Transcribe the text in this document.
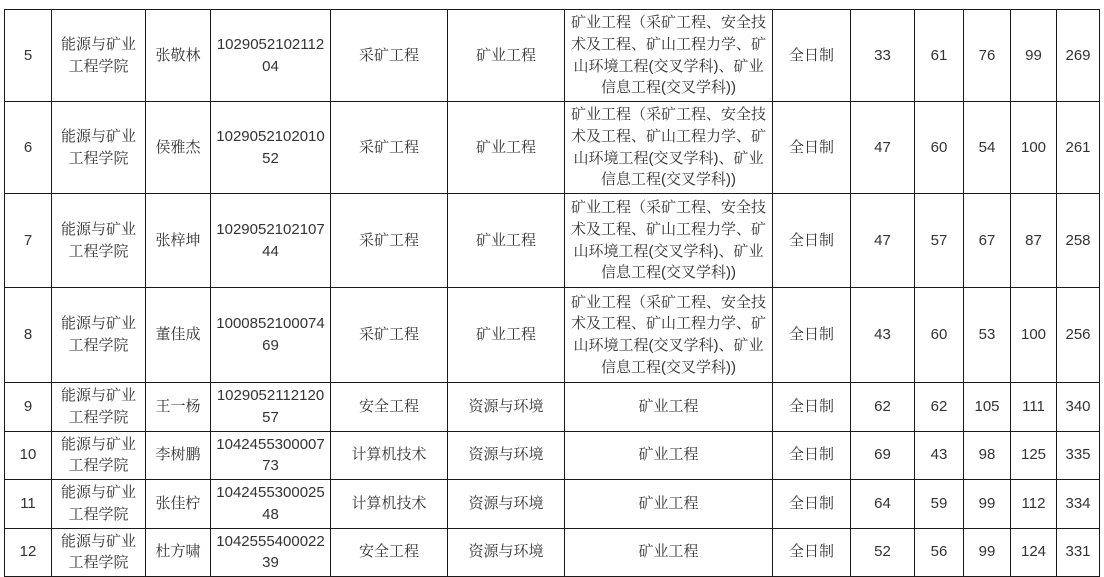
5	能源与矿业工程学院	张敬林	102905210211204	采矿工程	矿业工程	矿业工程（采矿工程、安全技术及工程、矿山工程力学、矿山环境工程(交叉学科)、矿业信息工程(交叉学科))	全日制	33	61	76	99	269
6	能源与矿业工程学院	侯雅杰	102905210201052	采矿工程	矿业工程	矿业工程（采矿工程、安全技术及工程、矿山工程力学、矿山环境工程(交叉学科)、矿业信息工程(交叉学科))	全日制	47	60	54	100	261
7	能源与矿业工程学院	张梓坤	102905210210744	采矿工程	矿业工程	矿业工程（采矿工程、安全技术及工程、矿山工程力学、矿山环境工程(交叉学科)、矿业信息工程(交叉学科))	全日制	47	57	67	87	258
8	能源与矿业工程学院	董佳成	100085210007469	采矿工程	矿业工程	矿业工程（采矿工程、安全技术及工程、矿山工程力学、矿山环境工程(交叉学科)、矿业信息工程(交叉学科))	全日制	43	60	53	100	256
9	能源与矿业工程学院	王一杨	102905211212057	安全工程	资源与环境	矿业工程	全日制	62	62	105	111	340
10	能源与矿业工程学院	李树鹏	104245530000773	计算机技术	资源与环境	矿业工程	全日制	69	43	98	125	335
11	能源与矿业工程学院	张佳柠	104245530002548	计算机技术	资源与环境	矿业工程	全日制	64	59	99	112	334
12	能源与矿业工程学院	杜方啸	104255540002239	安全工程	资源与环境	矿业工程	全日制	52	56	99	124	331
